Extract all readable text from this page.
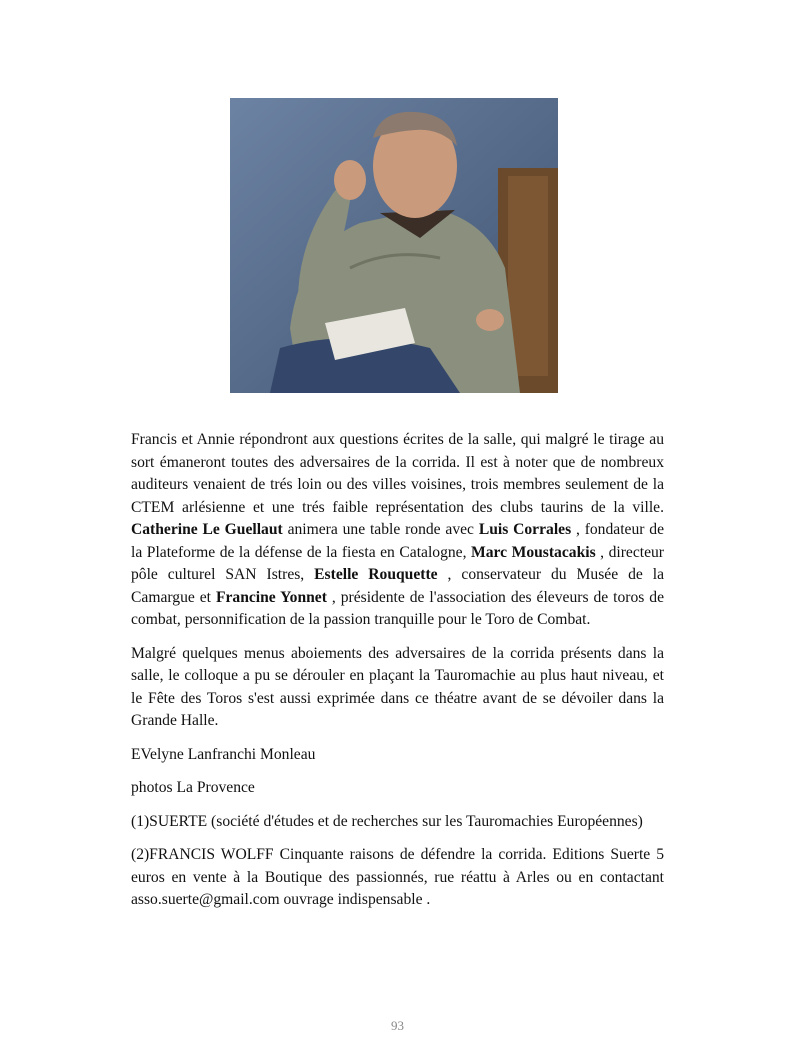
Francis et Annie répondront aux questions écrites de la salle, qui malgré le tirage au sort émaneront toutes des adversaires de la corrida. Il est à noter que de nombreux auditeurs venaient de trés loin ou des villes voisines, trois membres seulement de la CTEM arlésienne et une trés faible représentation des clubs taurins de la ville. Catherine Le Guellaut animera une table ronde avec Luis Corrales , fondateur de la Plateforme de la défense de la fiesta en Catalogne, Marc Moustacakis , directeur pôle culturel SAN Istres, Estelle Rouquette , conservateur du Musée de la Camargue et Francine Yonnet , présidente de l'association des éleveurs de toros de combat, personnification de la passion tranquille pour le Toro de Combat.

Malgré quelques menus aboiements des adversaires de la corrida présents dans la salle, le colloque a pu se dérouler en plaçant la Tauromachie au plus haut niveau, et le Fête des Toros s'est aussi exprimée dans ce théatre avant de se dévoiler dans la Grande Halle.

EVelyne Lanfranchi Monleau

photos La Provence

(1)SUERTE (société d'études et de recherches sur les Tauromachies Européennes)

(2)FRANCIS WOLFF Cinquante raisons de défendre la corrida. Editions Suerte 5 euros en vente à la Boutique des passionnés, rue réattu à Arles ou en contactant asso.suerte@gmail.com ouvrage indispensable .

93
